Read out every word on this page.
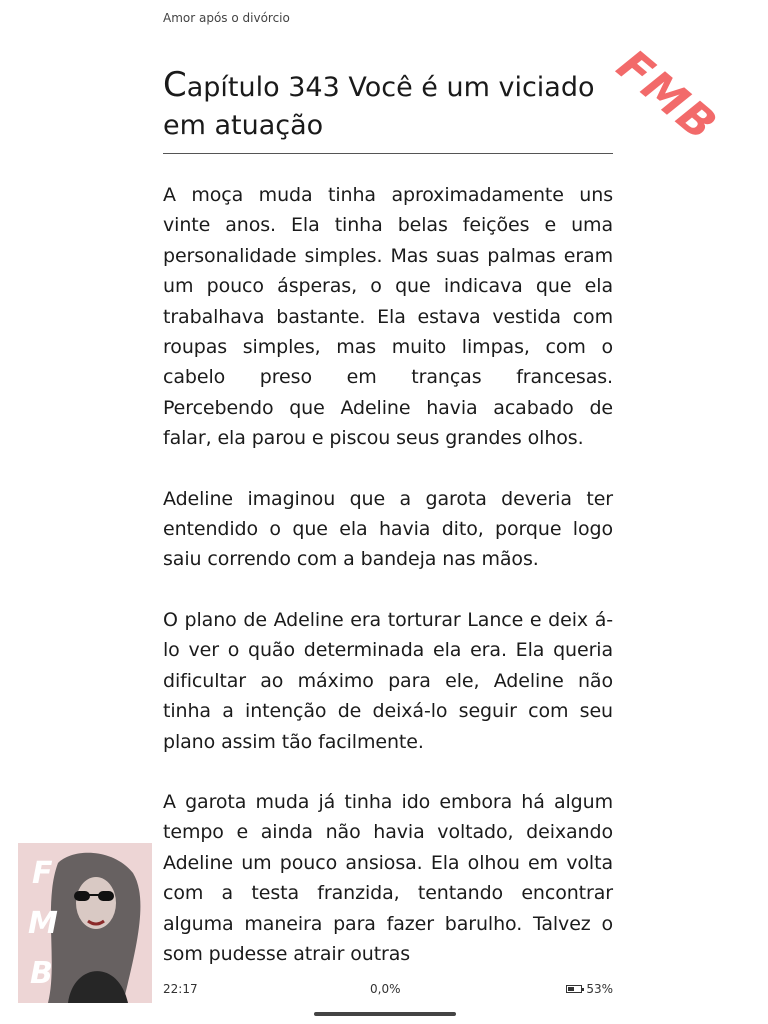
Amor após o divórcio
Capítulo 343 Você é um viciado em atuação

A moça muda tinha aproximadamente uns vinte anos. Ela tinha belas feições e uma personalidade simples. Mas suas palmas eram um pouco ásperas, o que indicava que ela trabalhava bastante. Ela estava vestida com roupas simples, mas muito limpas, com o cabelo preso em tranças francesas. Percebendo que Adeline havia acabado de falar, ela parou e piscou seus grandes olhos.

Adeline imaginou que a garota deveria ter entendido o que ela havia dito, porque logo saiu correndo com a bandeja nas mãos.

O plano de Adeline era torturar Lance e deix á-lo ver o quão determinada ela era. Ela queria dificultar ao máximo para ele, Adeline não tinha a intenção de deixá-lo seguir com seu plano assim tão facilmente.

A garota muda já tinha ido embora há algum tempo e ainda não havia voltado, deixando Adeline um pouco ansiosa. Ela olhou em volta com a testa franzida, tentando encontrar alguma maneira para fazer barulho. Talvez o som pudesse atrair outras

FMB
F
M
B	22:17	0,0%	53%
